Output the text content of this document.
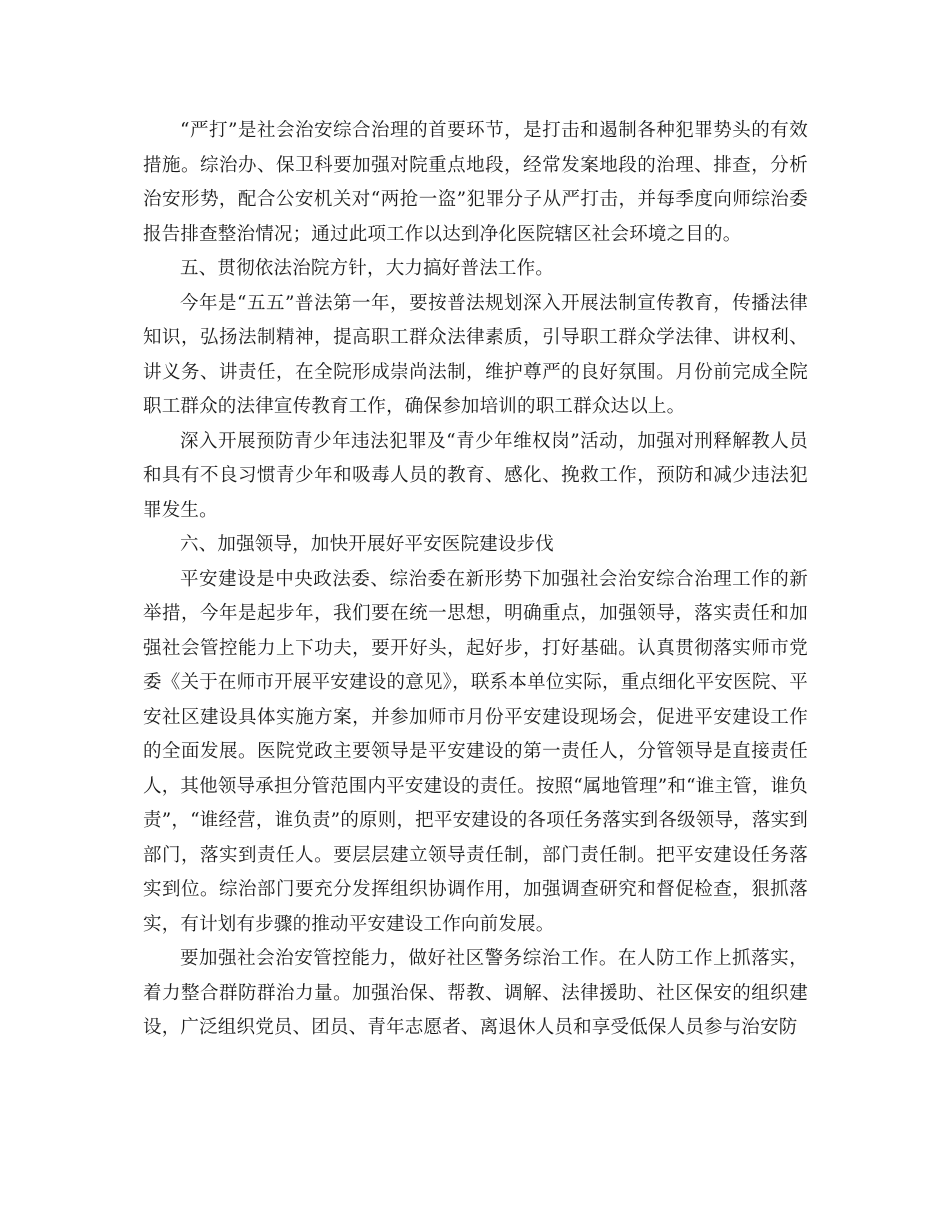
“严打”是社会治安综合治理的首要环节，是打击和遏制各种犯罪势头的有效措施。综治办、保卫科要加强对院重点地段，经常发案地段的治理、排查，分析治安形势，配合公安机关对“两抢一盗”犯罪分子从严打击，并每季度向师综治委报告排查整治情况；通过此项工作以达到净化医院辖区社会环境之目的。

五、贯彻依法治院方针，大力搞好普法工作。

今年是“五五”普法第一年，要按普法规划深入开展法制宣传教育，传播法律知识，弘扬法制精神，提高职工群众法律素质，引导职工群众学法律、讲权利、讲义务、讲责任，在全院形成崇尚法制，维护尊严的良好氛围。月份前完成全院职工群众的法律宣传教育工作，确保参加培训的职工群众达以上。

深入开展预防青少年违法犯罪及“青少年维权岗”活动，加强对刑释解教人员和具有不良习惯青少年和吸毒人员的教育、感化、挽救工作，预防和减少违法犯罪发生。

六、加强领导，加快开展好平安医院建设步伐

平安建设是中央政法委、综治委在新形势下加强社会治安综合治理工作的新举措，今年是起步年，我们要在统一思想，明确重点，加强领导，落实责任和加强社会管控能力上下功夫，要开好头，起好步，打好基础。认真贯彻落实师市党委《关于在师市开展平安建设的意见》，联系本单位实际，重点细化平安医院、平安社区建设具体实施方案，并参加师市月份平安建设现场会，促进平安建设工作的全面发展。医院党政主要领导是平安建设的第一责任人，分管领导是直接责任人，其他领导承担分管范围内平安建设的责任。按照“属地管理”和“谁主管，谁负责”，“谁经营，谁负责”的原则，把平安建设的各项任务落实到各级领导，落实到部门，落实到责任人。要层层建立领导责任制，部门责任制。把平安建设任务落实到位。综治部门要充分发挥组织协调作用，加强调查研究和督促检查，狠抓落实，有计划有步骤的推动平安建设工作向前发展。

要加强社会治安管控能力，做好社区警务综治工作。在人防工作上抓落实，着力整合群防群治力量。加强治保、帮教、调解、法律援助、社区保安的组织建设，广泛组织党员、团员、青年志愿者、离退休人员和享受低保人员参与治安防
